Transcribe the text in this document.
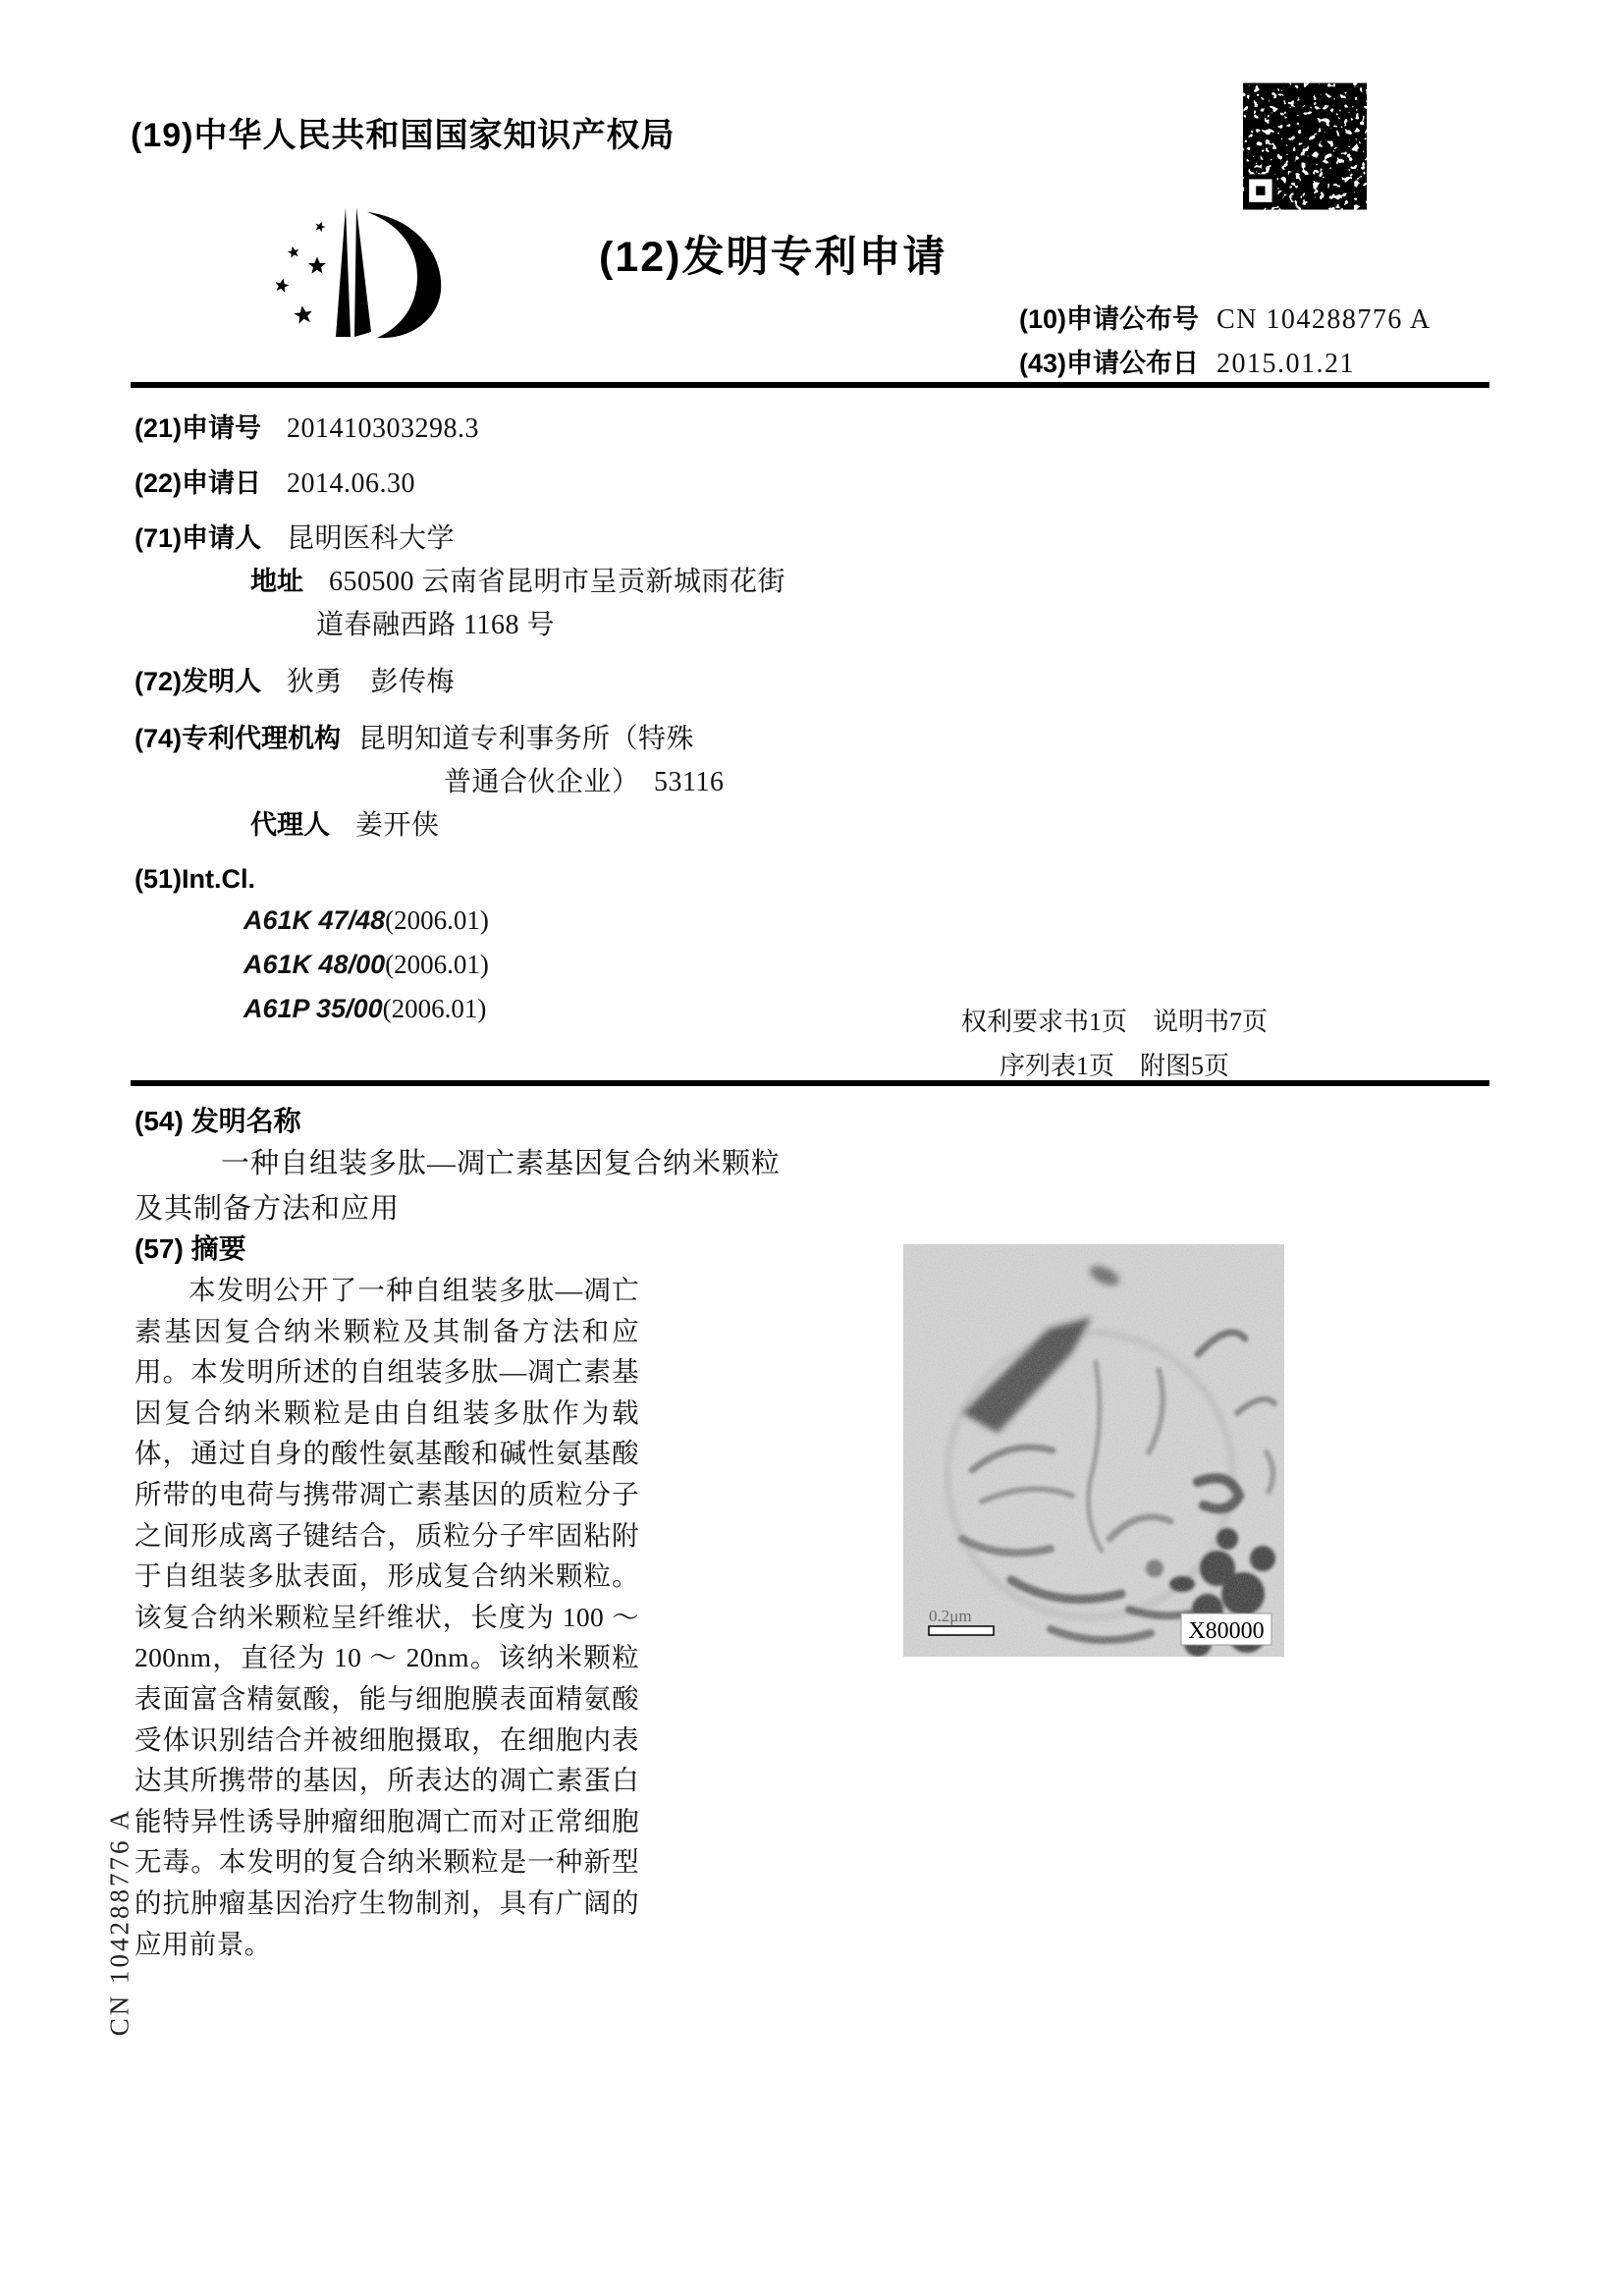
(19)中华人民共和国国家知识产权局
(12)发明专利申请
(10)申请公布号 CN 104288776 A
(43)申请公布日 2015.01.21
(21)申请号 201410303298.3
(22)申请日 2014.06.30
(71)申请人 昆明医科大学
地址 650500 云南省昆明市呈贡新城雨花街
道春融西路 1168 号
(72)发明人 狄勇　彭传梅
(74)专利代理机构 昆明知道专利事务所（特殊
普通合伙企业）　53116
代理人 姜开侠
(51)Int.Cl.
A61K 47/48 (2006.01)
A61K 48/00 (2006.01)
A61P 35/00 (2006.01)	权利要求书1页　说明书7页
序列表1页　附图5页
(54) 发明名称
一种自组装多肽—凋亡素基因复合纳米颗粒
及其制备方法和应用
(57) 摘要

本发明公开了一种自组装多肽—凋亡素基因复合纳米颗粒及其制备方法和应用。本发明所述的自组装多肽—凋亡素基因复合纳米颗粒是由自组装多肽作为载体，通过自身的酸性氨基酸和碱性氨基酸所带的电荷与携带凋亡素基因的质粒分子之间形成离子键结合，质粒分子牢固粘附于自组装多肽表面，形成复合纳米颗粒。该复合纳米颗粒呈纤维状，长度为 100 ～ 200nm，直径为 10 ～ 20nm。该纳米颗粒表面富含精氨酸，能与细胞膜表面精氨酸受体识别结合并被细胞摄取，在细胞内表达其所携带的基因，所表达的凋亡素蛋白能特异性诱导肿瘤细胞凋亡而对正常细胞无毒。本发明的复合纳米颗粒是一种新型的抗肿瘤基因治疗生物制剂，具有广阔的应用前景。

0.2μm
X80000
CN 104288776 A
